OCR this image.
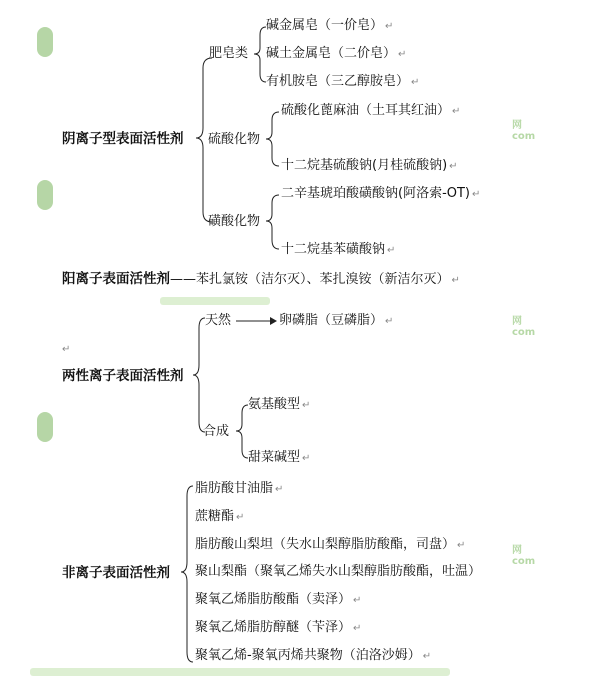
网
com
网
com
网
com
阴离子型表面活性剂
肥皂类
碱金属皂（一价皂） ↵
碱土金属皂（二价皂） ↵
有机胺皂（三乙醇胺皂） ↵
硫酸化物
硫酸化蓖麻油（土耳其红油） ↵
十二烷基硫酸钠(月桂硫酸钠) ↵
磺酸化物
二辛基琥珀酸磺酸钠(阿洛索-OT) ↵
十二烷基苯磺酸钠 ↵
阳离子表面活性剂——苯扎氯铵（洁尔灭）、苯扎溴铵（新洁尔灭） ↵
↵
两性离子表面活性剂
天然	卵磷脂（豆磷脂） ↵
合成
氨基酸型 ↵
甜菜碱型 ↵
非离子表面活性剂
脂肪酸甘油脂 ↵
蔗糖酯 ↵
脂肪酸山梨坦（失水山梨醇脂肪酸酯，司盘） ↵
聚山梨酯（聚氧乙烯失水山梨醇脂肪酸酯，吐温）
聚氧乙烯脂肪酸酯（卖泽） ↵
聚氧乙烯脂肪醇醚（苄泽） ↵
聚氧乙烯-聚氧丙烯共聚物（泊洛沙姆） ↵
